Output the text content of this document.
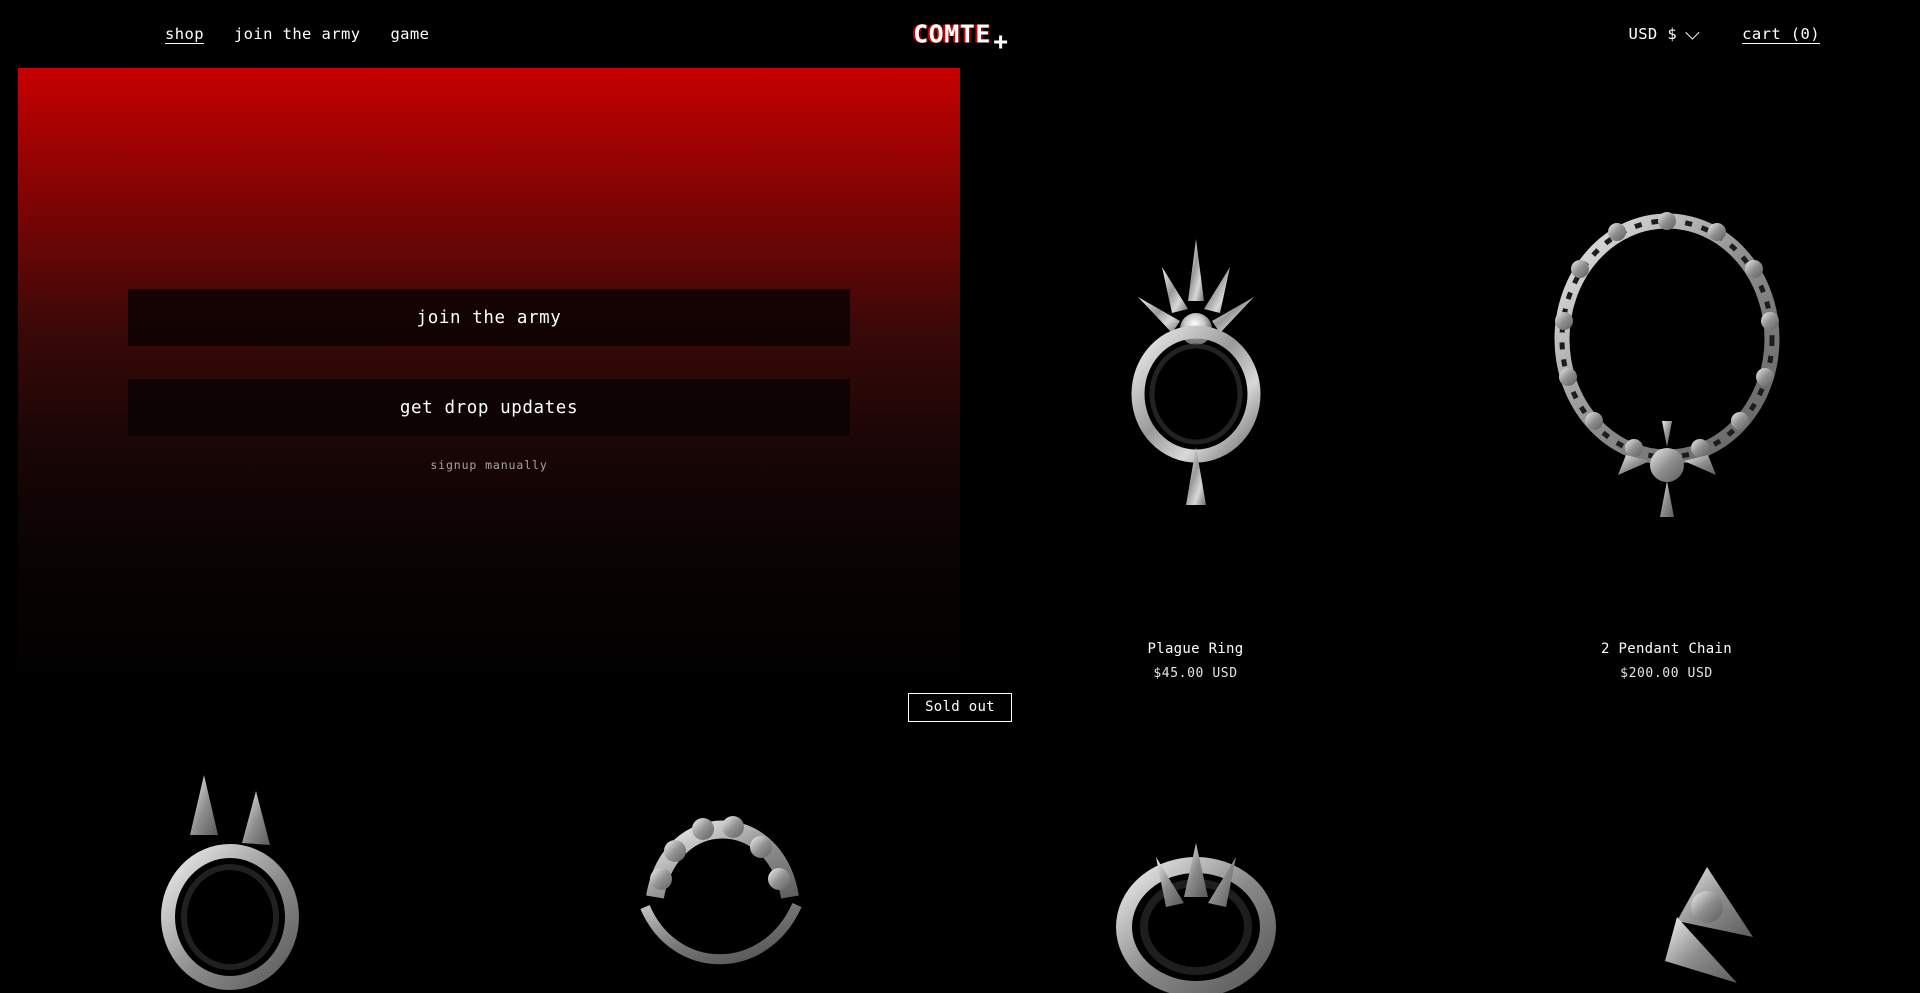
shop join the army game	COMTE	USD $	cart (0)
join the army
get drop updates
signup manually
Plague Ring
$45.00 USD
2 Pendant Chain
$200.00 USD
Sold out
